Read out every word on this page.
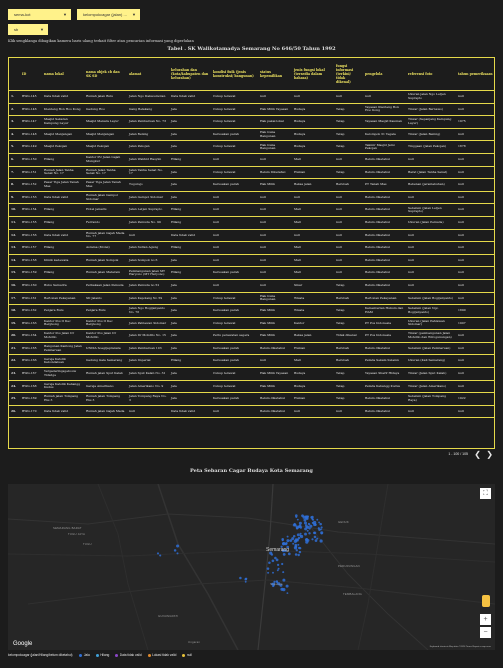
sema-kot	▼	kelompokcagar (jalan) ... ▼
sb	▼
Klik sengklanga dibagikan kamera baris ulang terkait filter atau pencarian informasi yang diperlukan
Tabel . SK Walikotamadya Semarang No 646/50 Tahun 1992
	ID	nama lokal	nama objek cb dan SK SD	alamat	kelurahan dan (kota/kabupaten dan kelurahan)	kondisi fisik (jenis konstruksi/ bangunan)	status kepemilikan	jenis fungsi lokal (tersedia dalam bahasa)	fungsi informasi (terkini/ tidak dikenal)	pengelola	referensi foto	tahun pemeriksaan
1.	BWG-145	Data tidak valid	Rumah jalan Bulu	Jalan Ngo Daksosmotan	Data tidak valid	Cukup terawat	null	null	null	null	Ukuran jalan Ngo Letjen Suprapto	null
2.	BWG-146	Klenteng Bon Hoo Kong	Gedung Hoo	Gang Belakang	Jala	Cukup terawat	Hak Milik Yayasan	Budaya	Tetap	Yayasan Klenteng Bon Hoo Kong	Tinzar (Jalan Bernawo)	null
3.	BWG-147	Masjid Sekaran Kampung Layur	Masjid Menara Layur	Jalan Pembaruan No. 73	Jala	Cukup terawat	Hak pakai lokal	Budaya	Tetap	Yayasan Masjid Kauman	Tinzar (Sepanjang Kampung Layur)	1975
4.	BWG-148	Masjid Menjangan	Masjid Menjangan	Jalan Bening	Jala	Kerusakan parah	Hak Guna Bangunan	Budaya	Tetap	Kelompok 31 Tegala	Tinzar (Jalan Bening)	null
5.	BWG-149	Masjid Pekojan	Masjid Pekojan	Jalan Pekojan	Jala	Cukup terawat	Hak Guna Bangunan	Budaya	Tetap	Takmir Masjid Jami Pekojan	Tinggaan (Jalan Pekojan)	1878
6.	BWG-150	Hilang	Kantor PU Jalan Gajah Mungkur	Jalan Wakhid Hasyim	Hilang	null	null	Mall	null	Belum diketahui	null	null
7.	BWG-151	Rumah Jalan Tanha Senat No. 17	Rumah Jalan Tanha Senat No. 17	Jalan Tanha Senat No. 17	Jala	Cukup terawat	Belum Diketahui	Hunian	Tetap	Belum diketahui	Barat (Jalan Tanha Senat)	null
8.	BWG-152	Pasar Tiga Jalan Tanah Mas	Pasar Tiga Jalan Tanah Mas	Tugurejo	Jala	Kerusakan parah	Hak Milik	Bekas jalan	Berubah	PT Tanah Mas	Bebenan (jaranlabuhan)	null
9.	BWG-153	Data tidak valid	Rumah jalan Gempol Sidomar	Jalan Gempol Sidomar	Jala	null	null	null	null	Belum diketahui	null	null
10.	BWG-154	Hilang	Hotel jamaris	Jalan Letjen Suprapto	Hilang	null	null	Mall	null	Belum diketahui	Sebelum (Jalan Letjen Suprapto)	null
11.	BWG-155	Hilang	Ferrando	Jalan Pemuda No. 99	Hilang	null	null	Mall	null	Belum diketahui	Ukuran (Jalan Pemuda)	null
12.	BWG-156	Data tidak valid	Rumah jalan Gajah Mada No. 77	null	Data tidak valid	null	null	null	null	Belum diketahui	null	null
13.	BWG-157	Hilang	Asrama (Motel)	Jalan Sultan Agung	Hilang	null	null	Mall	null	Belum diketahui	null	null
14.	BWG-158	Klinik kedewata	Rumah jalan Sompok	Jalan Sompok no 6	Jala	null	null	Mall	null	Belum diketahui	null	null
15.	BWG-159	Hilang	Rumah jalan Mataram	Pembangunan jalan MT Haryono (MT Haryono)	Hilang	Kerusakan parah	null	Mall	null	Belum diketahui	null	null
16.	BWG-160	Bubu Samudra	Perkakaan jalan Pemuda	Jalan Pemuda no 52	Jala	null	null	Sinar	Tetap	Belum diketahui	null	null
17.	BWG-161	Bertonan Pekeyanan	SD Jalanlo	Jalan Kapolang No 59	Jala	Cukup terawat	Hak Guna Bangunan	Wisata	Berubah	Bertonan Pekeyanan	Sebelum (Jalan Bogijanyanto)	null
18.	BWG-162	Penjara Bulu	Penjara Bulu	Jalan Ngo Bogijanyanto No. 76	Jala	Kerusakan parah	Hak Milik	Wisata	Tetap	Kementerian Hukum dan HAM	Sebelum (Jalan Ngo Bogijanyanto)	1890
19.	BWG-163	Kantor Pos II Dec Bergkong	Kantor Pos II Dec Bergkong	Jalan Pahlawan Sidomar	Jala	Cukup terawat	Hak Milik	Kantor	Tetap	PT Pos Indonesia	Ukuran (Jalan Pahlawan Sidomar)	1907
20.	BWG-164	Kantor Pos Jalan Dr Mohdllo	Kantor Pos Jalan Dr Mohdllo	Jalan Dr Mohdllo No. 15	Jala	Perlu perawatan segera	Hak Milik	Bekas jalan	Tidak dikenal	PT Pos Indonesia	Tinzar (pembangunan Jalan Mohdllo dan Wirogunungan)	null
21.	BWG-165	Bangunan Kantong Jalan Pembaruan	UNIKA Soegijapranata	Jalan Pembaruan 103	Jala	Kerusakan parah	Belum diketahui	Hunian	Berubah	Belum diketahui	Sebelum (Jalan Pembaruan)	null
22.	BWG-166	Gereja Katolik Kebondaluan	Gedung Gala Semarang	Jalan Imperial	Hilang	Kerusakan parah	null	Mall	Berubah	Pemda Sekam Sulamn	Ukuran (Kali Semarang)	null
23.	BWG-167	Vergaderingsgebouw Tidsdge	Rumah jalan Sput Kalab	Jalan Sput Kalab No. 31	Jala	Cukup terawat	Hak Milik Yayasan	Budaya	Tetap	Yayasan Sharif Hidaya	Tinzar (Jalan Sput Kalab)	null
24.	BWG-168	Gereja Katolik Kebangg Kudus	Gereja Amerikano	Jalan Amerikano No. 9	Jala	Cukup terawat	Hak Milik	Budaya	Tetap	Pemda Kebangg Kudus	Tinzar (Jalan Amerikano)	null
25.	BWG-169	Rumah jalan Tompang Eks 3	Rumah jalan Tompang Eks 3	Jalan Tompang Raya No. 3	Jala	Kerusakan parah	Belum diketahui	Hunian	Tetap	Belum diketahui	Sebelum (Jalan Tompang Raya)	1922
26.	BWG-170	Data tidak valid	Rumah jalan Gajah Mada	null	Data tidak valid	null	Belum diketahui	null	null	Belum diketahui	null	null
1 - 100 / 105 ❮ ❯
Peta Sebaran Cagar Budaya Kota Semarang
Semarang
SEMARANG BARAT
GENUK
PEDURUNGAN
GUNUNGPATI
TUGU
TEMBALANG
Sukaraja
Ungaran
TUGU JAYA
⛶
+
−
Google	Keyboard shortcuts Map data ©2024 Terms Report a map error
kelompokcagar (jalan/Hilang/belum diketahui)	Jala	Hilang	Data tidak valid	Lokasi tidak valid	null
